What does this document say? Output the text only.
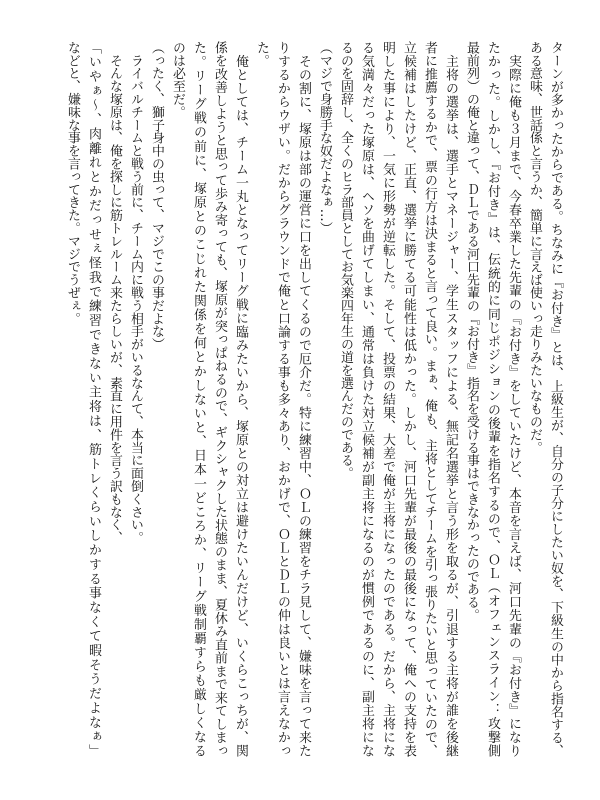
ターンが多かったからである。ちなみに『お付き』とは、上級生が、自分の子分にしたい奴を、下級生の中から指名する、

ある意味、世話係と言うか、簡単に言えば使いっ走りみたいなものだ。

　実際に俺も３月まで、今春卒業した先輩の『お付き』をしていたけど、本音を言えば、河口先輩の『お付き』になり

たかった。しかし、『お付き』は、伝統的に同じポジションの後輩を指名するので、ＯＬ（オフェンスライン：攻撃側

最前列）の俺と違って、ＤＬである河口先輩の『お付き』指名を受ける事はできなかったのである。

　主将の選挙は、選手とマネージャー、学生スタッフによる、無記名選挙と言う形を取るが、引退する主将が誰を後継

者に推薦するかで、票の行方は決まると言って良い。まぁ、俺も、主将としてチームを引っ張りたいと思っていたので、

立候補はしたけど、正直、選挙に勝てる可能性は低かった。しかし、河口先輩が最後の最後になって、俺への支持を表

明した事により、一気に形勢が逆転した。そして、投票の結果、大差で俺が主将になったのである。だから、主将にな

る気満々だった塚原は、ヘソを曲げてしまい、通常は負けた対立候補が副主将になるのが慣例であるのに、副主将にな

るのを固辞し、全くのヒラ部員としてお気楽四年生の道を選んだのである。

（マジで身勝手な奴だよなぁ…）

　その割に、塚原は部の運営に口を出してくるので厄介だ。特に練習中、ＯＬの練習をチラ見して、嫌味を言って来た

りするからウザい。だからグラウンドで俺と口論する事も多々あり、おかげで、ＯＬとＤＬの仲は良いとは言えなかっ

た。

　俺としては、チーム一丸となってリーグ戦に臨みたいから、塚原との対立は避けたいんだけど、いくらこっちが、関

係を改善しようと思って歩み寄っても、塚原が突っぱねるので、ギクシャクした状態のまま、夏休み直前まで来てしまっ

た。リーグ戦の前に、塚原とのこじれた関係を何とかしないと、日本一どころか、リーグ戦制覇すらも厳しくなる

のは必至だ。

（ったく、獅子身中の虫って、マジでこの事だよな）

　ライバルチームと戦う前に、チーム内に戦う相手がいるなんて、本当に面倒くさい。

　そんな塚原は、俺を探しに筋トレルーム来たらしいが、素直に用件を言う訳もなく、

「いやぁ～、肉離れとかだっせぇ怪我で練習できない主将は、筋トレくらいしかする事なくて暇そうだよなぁ」

などと、嫌味な事を言ってきた。マジでうぜぇ。
